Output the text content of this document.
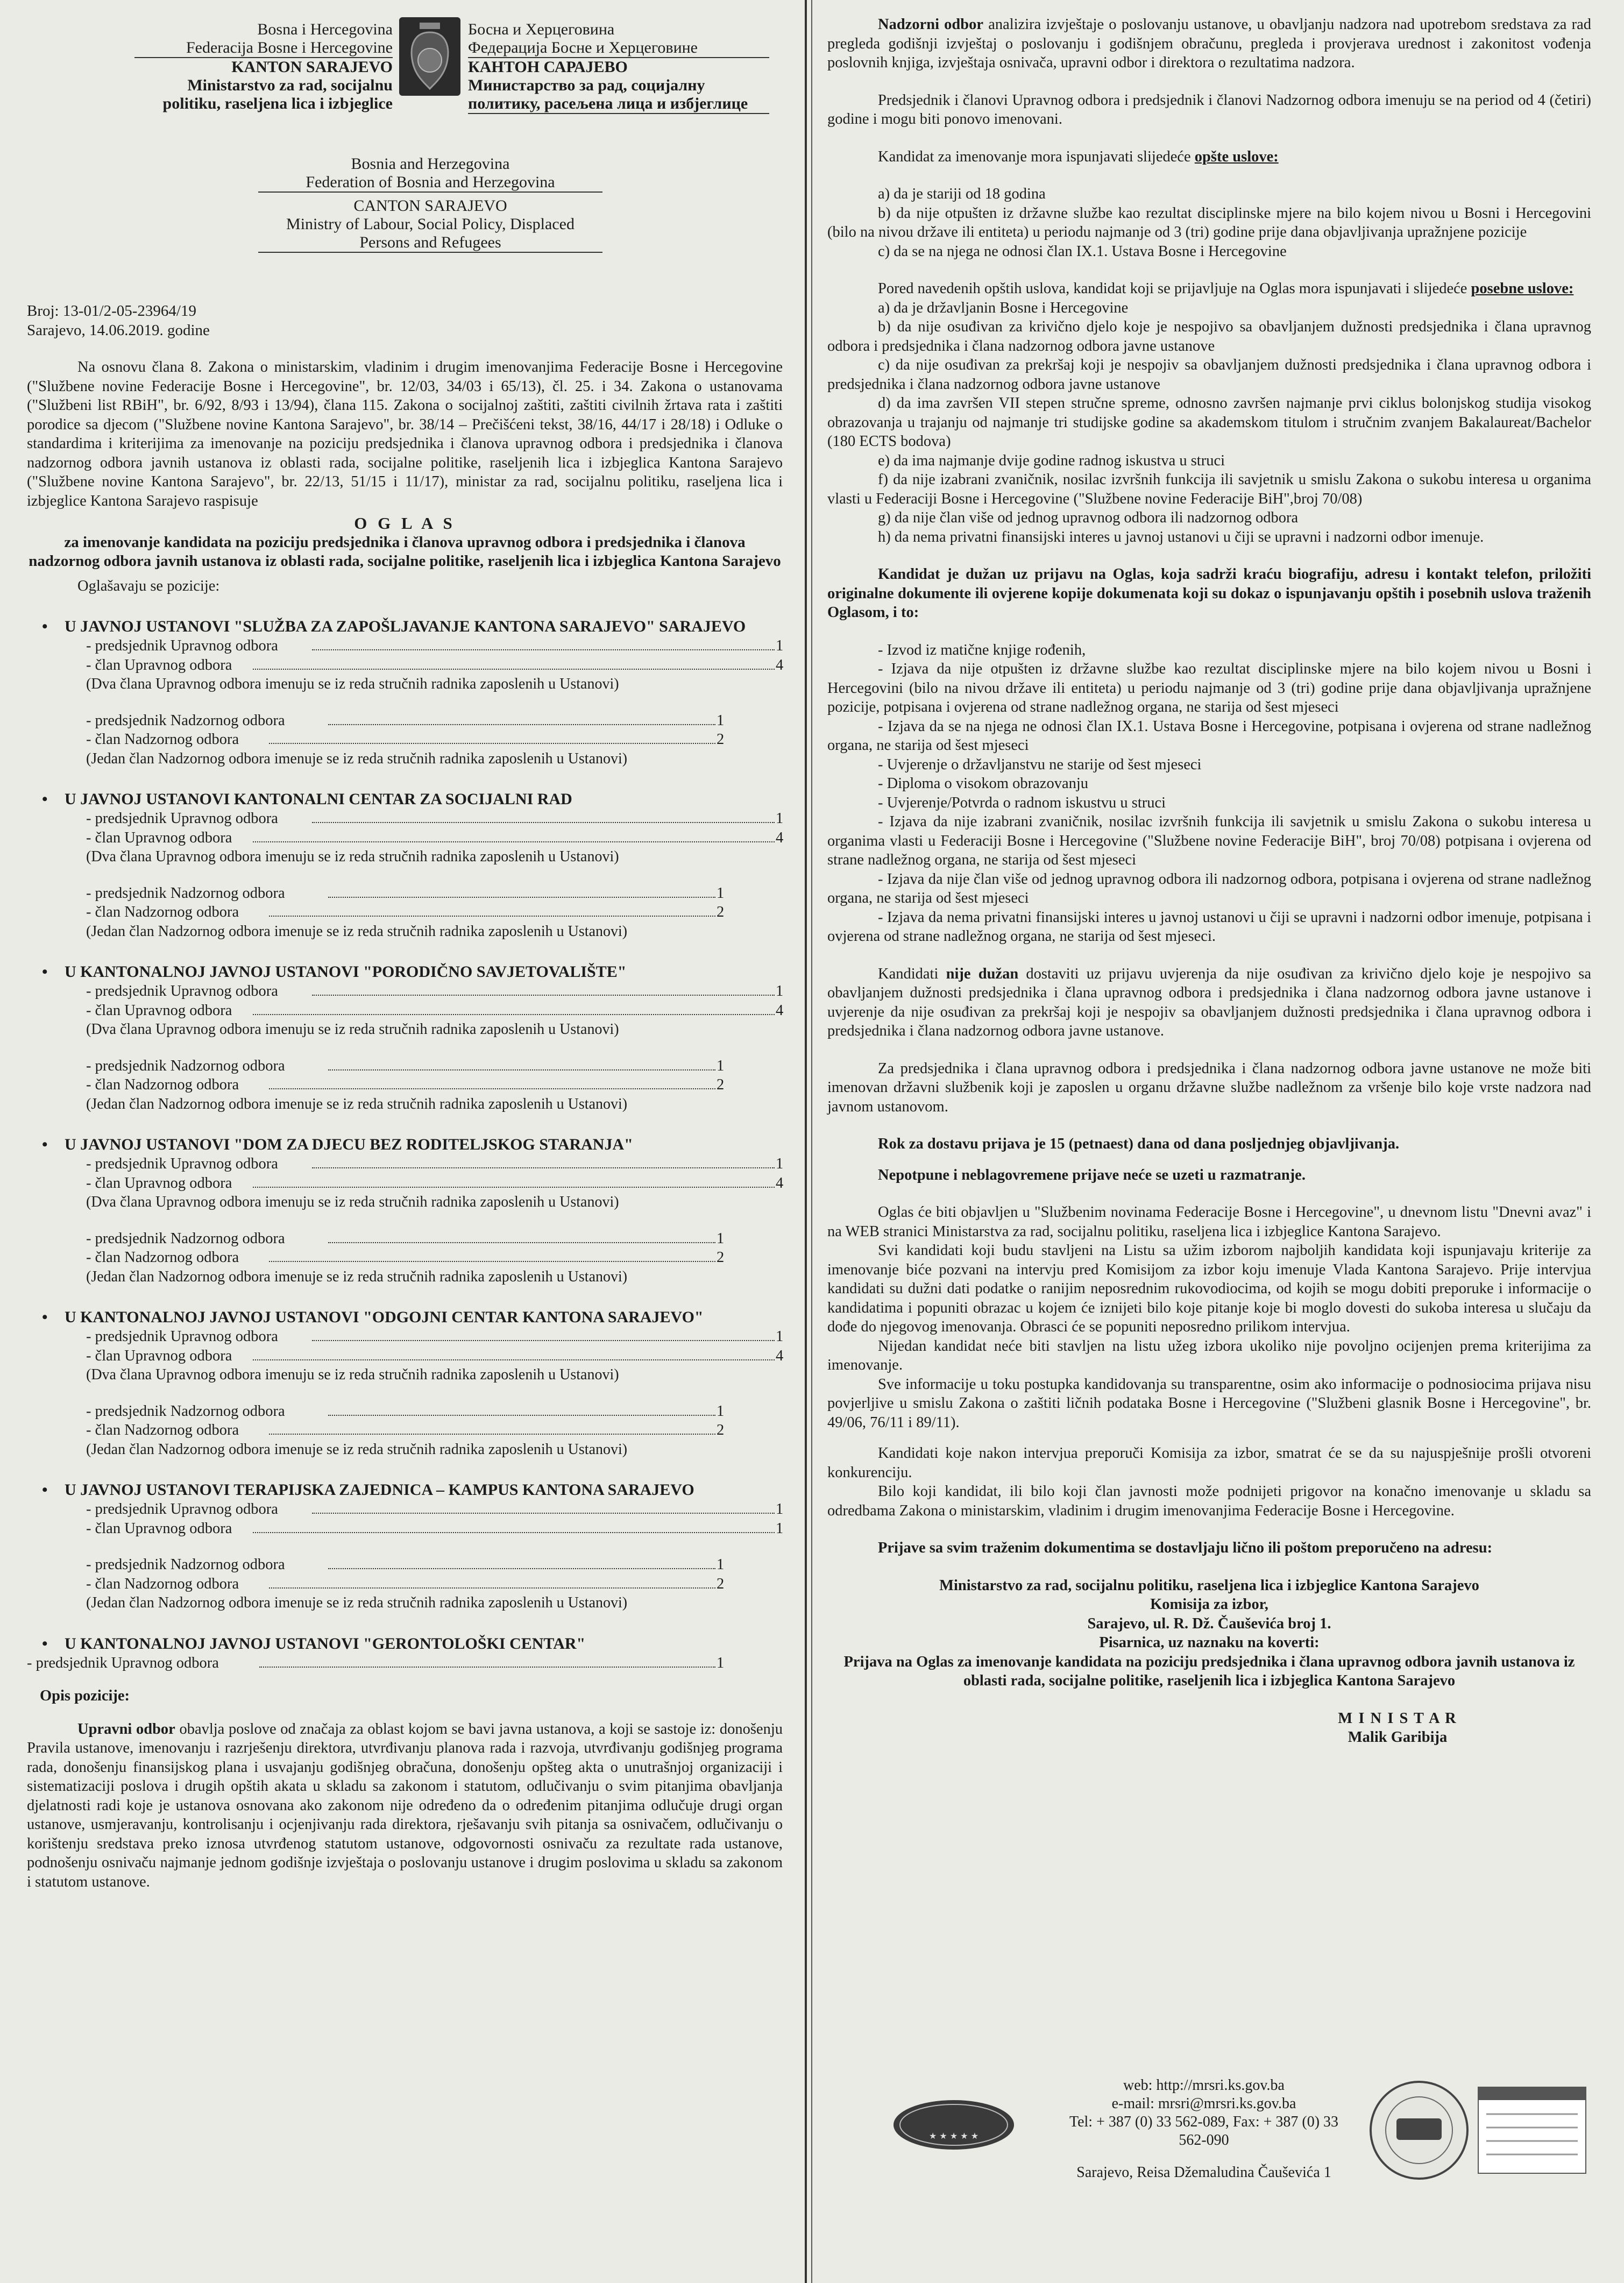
Bosna i Hercegovina
Federacija Bosne i Hercegovine
KANTON SARAJEVO
Ministarstvo za rad, socijalnu
politiku, raseljena lica i izbjeglice
Босна и Херцеговина
Федерација Босне и Херцеговине
КАНТОН САРАЈЕВО
Министарство за рад, социјалну
политику, расељена лица и избјеглице
Bosnia and Herzegovina
Federation of Bosnia and Herzegovina
CANTON SARAJEVO
Ministry of Labour, Social Policy, Displaced
Persons and Refugees
Broj: 13-01/2-05-23964/19
Sarajevo, 14.06.2019. godine

Na osnovu člana 8. Zakona o ministarskim, vladinim i drugim imenovanjima Federacije Bosne i Hercegovine ("Službene novine Federacije Bosne i Hercegovine", br. 12/03, 34/03 i 65/13), čl. 25. i 34. Zakona o ustanovama ("Službeni list RBiH", br. 6/92, 8/93 i 13/94), člana 115. Zakona o socijalnoj zaštiti, zaštiti civilnih žrtava rata i zaštiti porodice sa djecom ("Službene novine Kantona Sarajevo", br. 38/14 – Prečišćeni tekst, 38/16, 44/17 i 28/18) i Odluke o standardima i kriterijima za imenovanje na poziciju predsjednika i članova upravnog odbora i predsjednika i članova nadzornog odbora javnih ustanova iz oblasti rada, socijalne politike, raseljenih lica i izbjeglica Kantona Sarajevo ("Službene novine Kantona Sarajevo", br. 22/13, 51/15 i 11/17), ministar za rad, socijalnu politiku, raseljena lica i izbjeglice Kantona Sarajevo raspisuje

O G L A S

za imenovanje kandidata na poziciju predsjednika i članova upravnog odbora i predsjednika i članova nadzornog odbora javnih ustanova iz oblasti rada, socijalne politike, raseljenih lica i izbjeglica Kantona Sarajevo

Oglašavaju se pozicije:

• U JAVNOJ USTANOVI "SLUŽBA ZA ZAPOŠLJAVANJE KANTONA SARAJEVO" SARAJEVO
- predsjednik Upravnog odbora	1
- član Upravnog odbora	4

(Dva člana Upravnog odbora imenuju se iz reda stručnih radnika zaposlenih u Ustanovi)

- predsjednik Nadzornog odbora	1
- član Nadzornog odbora	2

(Jedan član Nadzornog odbora imenuje se iz reda stručnih radnika zaposlenih u Ustanovi)

• U JAVNOJ USTANOVI KANTONALNI CENTAR ZA SOCIJALNI RAD
- predsjednik Upravnog odbora	1
- član Upravnog odbora	4

(Dva člana Upravnog odbora imenuju se iz reda stručnih radnika zaposlenih u Ustanovi)

- predsjednik Nadzornog odbora	1
- član Nadzornog odbora	2

(Jedan član Nadzornog odbora imenuje se iz reda stručnih radnika zaposlenih u Ustanovi)

• U KANTONALNOJ JAVNOJ USTANOVI "PORODIČNO SAVJETOVALIŠTE"
- predsjednik Upravnog odbora	1
- član Upravnog odbora	4

(Dva člana Upravnog odbora imenuju se iz reda stručnih radnika zaposlenih u Ustanovi)

- predsjednik Nadzornog odbora	1
- član Nadzornog odbora	2

(Jedan član Nadzornog odbora imenuje se iz reda stručnih radnika zaposlenih u Ustanovi)

• U JAVNOJ USTANOVI "DOM ZA DJECU BEZ RODITELJSKOG STARANJA"
- predsjednik Upravnog odbora	1
- član Upravnog odbora	4

(Dva člana Upravnog odbora imenuju se iz reda stručnih radnika zaposlenih u Ustanovi)

- predsjednik Nadzornog odbora	1
- član Nadzornog odbora	2

(Jedan član Nadzornog odbora imenuje se iz reda stručnih radnika zaposlenih u Ustanovi)

• U KANTONALNOJ JAVNOJ USTANOVI "ODGOJNI CENTAR KANTONA SARAJEVO"
- predsjednik Upravnog odbora	1
- član Upravnog odbora	4

(Dva člana Upravnog odbora imenuju se iz reda stručnih radnika zaposlenih u Ustanovi)

- predsjednik Nadzornog odbora	1
- član Nadzornog odbora	2

(Jedan član Nadzornog odbora imenuje se iz reda stručnih radnika zaposlenih u Ustanovi)

• U JAVNOJ USTANOVI TERAPIJSKA ZAJEDNICA – KAMPUS KANTONA SARAJEVO
- predsjednik Upravnog odbora	1
- član Upravnog odbora	1
- predsjednik Nadzornog odbora	1
- član Nadzornog odbora	2

(Jedan član Nadzornog odbora imenuje se iz reda stručnih radnika zaposlenih u Ustanovi)

• U KANTONALNOJ JAVNOJ USTANOVI "GERONTOLOŠKI CENTAR"
- predsjednik Upravnog odbora	1

Opis pozicije:

Upravni odbor obavlja poslove od značaja za oblast kojom se bavi javna ustanova, a koji se sastoje iz: donošenju Pravila ustanove, imenovanju i razrješenju direktora, utvrđivanju planova rada i razvoja, utvrđivanju godišnjeg programa rada, donošenju finansijskog plana i usvajanju godišnjeg obračuna, donošenju opšteg akta o unutrašnjoj organizaciji i sistematizaciji poslova i drugih opštih akata u skladu sa zakonom i statutom, odlučivanju o svim pitanjima obavljanja djelatnosti radi koje je ustanova osnovana ako zakonom nije određeno da o određenim pitanjima odlučuje drugi organ ustanove, usmjeravanju, kontrolisanju i ocjenjivanju rada direktora, rješavanju svih pitanja sa osnivačem, odlučivanju o korištenju sredstava preko iznosa utvrđenog statutom ustanove, odgovornosti osnivaču za rezultate rada ustanove, podnošenju osnivaču najmanje jednom godišnje izvještaja o poslovanju ustanove i drugim poslovima u skladu sa zakonom i statutom ustanove.

Nadzorni odbor analizira izvještaje o poslovanju ustanove, u obavljanju nadzora nad upotrebom sredstava za rad pregleda godišnji izvještaj o poslovanju i godišnjem obračunu, pregleda i provjerava urednost i zakonitost vođenja poslovnih knjiga, izvještaja osnivača, upravni odbor i direktora o rezultatima nadzora.

Predsjednik i članovi Upravnog odbora i predsjednik i članovi Nadzornog odbora imenuju se na period od 4 (četiri) godine i mogu biti ponovo imenovani.

Kandidat za imenovanje mora ispunjavati slijedeće opšte uslove:

a) da je stariji od 18 godina

b) da nije otpušten iz državne službe kao rezultat disciplinske mjere na bilo kojem nivou u Bosni i Hercegovini (bilo na nivou države ili entiteta) u periodu najmanje od 3 (tri) godine prije dana objavljivanja upražnjene pozicije

c) da se na njega ne odnosi član IX.1. Ustava Bosne i Hercegovine

Pored navedenih opštih uslova, kandidat koji se prijavljuje na Oglas mora ispunjavati i slijedeće posebne uslove:

a) da je državljanin Bosne i Hercegovine

b) da nije osuđivan za krivično djelo koje je nespojivo sa obavljanjem dužnosti predsjednika i člana upravnog odbora i predsjednika i člana nadzornog odbora javne ustanove

c) da nije osuđivan za prekršaj koji je nespojiv sa obavljanjem dužnosti predsjednika i člana upravnog odbora i predsjednika i člana nadzornog odbora javne ustanove

d) da ima završen VII stepen stručne spreme, odnosno završen najmanje prvi ciklus bolonjskog studija visokog obrazovanja u trajanju od najmanje tri studijske godine sa akademskom titulom i stručnim zvanjem Bakalaureat/Bachelor (180 ECTS bodova)

e) da ima najmanje dvije godine radnog iskustva u struci

f) da nije izabrani zvaničnik, nosilac izvršnih funkcija ili savjetnik u smislu Zakona o sukobu interesa u organima vlasti u Federaciji Bosne i Hercegovine ("Službene novine Federacije BiH",broj 70/08)

g) da nije član više od jednog upravnog odbora ili nadzornog odbora

h) da nema privatni finansijski interes u javnoj ustanovi u čiji se upravni i nadzorni odbor imenuje.

Kandidat je dužan uz prijavu na Oglas, koja sadrži kraću biografiju, adresu i kontakt telefon, priložiti originalne dokumente ili ovjerene kopije dokumenata koji su dokaz o ispunjavanju opštih i posebnih uslova traženih Oglasom, i to:

- Izvod iz matične knjige rođenih,

- Izjava da nije otpušten iz državne službe kao rezultat disciplinske mjere na bilo kojem nivou u Bosni i Hercegovini (bilo na nivou države ili entiteta) u periodu najmanje od 3 (tri) godine prije dana objavljivanja upražnjene pozicije, potpisana i ovjerena od strane nadležnog organa, ne starija od šest mjeseci

- Izjava da se na njega ne odnosi član IX.1. Ustava Bosne i Hercegovine, potpisana i ovjerena od strane nadležnog organa, ne starija od šest mjeseci

- Uvjerenje o državljanstvu ne starije od šest mjeseci

- Diploma o visokom obrazovanju

- Uvjerenje/Potvrda o radnom iskustvu u struci

- Izjava da nije izabrani zvaničnik, nosilac izvršnih funkcija ili savjetnik u smislu Zakona o sukobu interesa u organima vlasti u Federaciji Bosne i Hercegovine ("Službene novine Federacije BiH", broj 70/08) potpisana i ovjerena od strane nadležnog organa, ne starija od šest mjeseci

- Izjava da nije član više od jednog upravnog odbora ili nadzornog odbora, potpisana i ovjerena od strane nadležnog organa, ne starija od šest mjeseci

- Izjava da nema privatni finansijski interes u javnoj ustanovi u čiji se upravni i nadzorni odbor imenuje, potpisana i ovjerena od strane nadležnog organa, ne starija od šest mjeseci.

Kandidati nije dužan dostaviti uz prijavu uvjerenja da nije osuđivan za krivično djelo koje je nespojivo sa obavljanjem dužnosti predsjednika i člana upravnog odbora i predsjednika i člana nadzornog odbora javne ustanove i uvjerenje da nije osuđivan za prekršaj koji je nespojiv sa obavljanjem dužnosti predsjednika i člana upravnog odbora i predsjednika i člana nadzornog odbora javne ustanove.

Za predsjednika i člana upravnog odbora i predsjednika i člana nadzornog odbora javne ustanove ne može biti imenovan državni službenik koji je zaposlen u organu državne službe nadležnom za vršenje bilo koje vrste nadzora nad javnom ustanovom.

Rok za dostavu prijava je 15 (petnaest) dana od dana posljednjeg objavljivanja.

Nepotpune i neblagovremene prijave neće se uzeti u razmatranje.

Oglas će biti objavljen u "Službenim novinama Federacije Bosne i Hercegovine", u dnevnom listu "Dnevni avaz" i na WEB stranici Ministarstva za rad, socijalnu politiku, raseljena lica i izbjeglice Kantona Sarajevo.

Svi kandidati koji budu stavljeni na Listu sa užim izborom najboljih kandidata koji ispunjavaju kriterije za imenovanje biće pozvani na intervju pred Komisijom za izbor koju imenuje Vlada Kantona Sarajevo. Prije intervjua kandidati su dužni dati podatke o ranijim neposrednim rukovodiocima, od kojih se mogu dobiti preporuke i informacije o kandidatima i popuniti obrazac u kojem će iznijeti bilo koje pitanje koje bi moglo dovesti do sukoba interesa u slučaju da dođe do njegovog imenovanja. Obrasci će se popuniti neposredno prilikom intervjua.

Nijedan kandidat neće biti stavljen na listu užeg izbora ukoliko nije povoljno ocijenjen prema kriterijima za imenovanje.

Sve informacije u toku postupka kandidovanja su transparentne, osim ako informacije o podnosiocima prijava nisu povjerljive u smislu Zakona o zaštiti ličnih podataka Bosne i Hercegovine ("Službeni glasnik Bosne i Hercegovine", br. 49/06, 76/11 i 89/11).

Kandidati koje nakon intervjua preporuči Komisija za izbor, smatrat će se da su najuspješnije prošli otvoreni konkurenciju.

Bilo koji kandidat, ili bilo koji član javnosti može podnijeti prigovor na konačno imenovanje u skladu sa odredbama Zakona o ministarskim, vladinim i drugim imenovanjima Federacije Bosne i Hercegovine.

Prijave sa svim traženim dokumentima se dostavljaju lično ili poštom preporučeno na adresu:

Ministarstvo za rad, socijalnu politiku, raseljena lica i izbjeglice Kantona Sarajevo

Komisija za izbor,

Sarajevo, ul. R. Dž. Čauševića broj 1.

Pisarnica, uz naznaku na koverti:

Prijava na Oglas za imenovanje kandidata na poziciju predsjednika i člana upravnog odbora javnih ustanova iz oblasti rada, socijalne politike, raseljenih lica i izbjeglica Kantona Sarajevo

M I N I S T A R

Malik Garibija

★ ★ ★ ★ ★

web: http://mrsri.ks.gov.ba

e-mail: mrsri@mrsri.ks.gov.ba

Tel: + 387 (0) 33 562-089, Fax: + 387 (0) 33 562-090

Sarajevo, Reisa Džemaludina Čauševića 1
